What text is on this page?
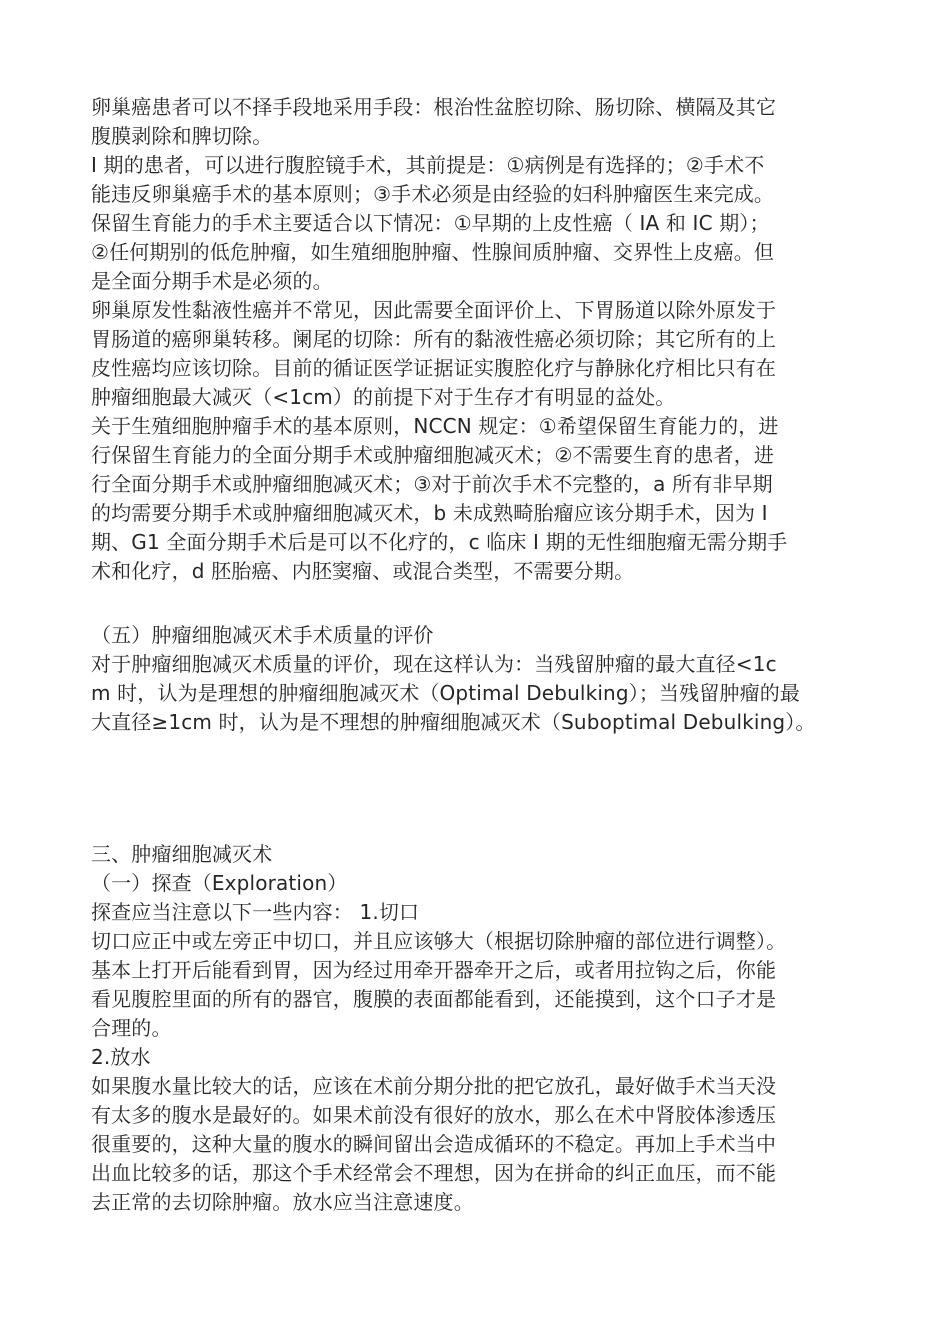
卵巢癌患者可以不择手段地采用手段：根治性盆腔切除、肠切除、横隔及其它

腹膜剥除和脾切除。

I 期的患者，可以进行腹腔镜手术，其前提是：①病例是有选择的；②手术不

能违反卵巢癌手术的基本原则；③手术必须是由经验的妇科肿瘤医生来完成。

保留生育能力的手术主要适合以下情况：①早期的上皮性癌（ IA 和 IC 期）；

②任何期别的低危肿瘤，如生殖细胞肿瘤、性腺间质肿瘤、交界性上皮癌。但

是全面分期手术是必须的。

卵巢原发性黏液性癌并不常见，因此需要全面评价上、下胃肠道以除外原发于

胃肠道的癌卵巢转移。阑尾的切除：所有的黏液性癌必须切除；其它所有的上

皮性癌均应该切除。目前的循证医学证据证实腹腔化疗与静脉化疗相比只有在

肿瘤细胞最大减灭（<1cm）的前提下对于生存才有明显的益处。

关于生殖细胞肿瘤手术的基本原则，NCCN 规定：①希望保留生育能力的，进

行保留生育能力的全面分期手术或肿瘤细胞减灭术；②不需要生育的患者，进

行全面分期手术或肿瘤细胞减灭术；③对于前次手术不完整的，a 所有非早期

的均需要分期手术或肿瘤细胞减灭术，b 未成熟畸胎瘤应该分期手术，因为 I

期、G1 全面分期手术后是可以不化疗的，c 临床 I 期的无性细胞瘤无需分期手

术和化疗，d 胚胎癌、内胚窦瘤、或混合类型，不需要分期。

（五）肿瘤细胞减灭术手术质量的评价

对于肿瘤细胞减灭术质量的评价，现在这样认为：当残留肿瘤的最大直径<1c

m 时，认为是理想的肿瘤细胞减灭术（Optimal Debulking）；当残留肿瘤的最

大直径≥1cm 时，认为是不理想的肿瘤细胞减灭术（Suboptimal Debulking）。

三、肿瘤细胞减灭术

（一）探查（Exploration）

探查应当注意以下一些内容： 1.切口

切口应正中或左旁正中切口，并且应该够大（根据切除肿瘤的部位进行调整）。

基本上打开后能看到胃，因为经过用牵开器牵开之后，或者用拉钩之后，你能

看见腹腔里面的所有的器官，腹膜的表面都能看到，还能摸到，这个口子才是

合理的。

2.放水

如果腹水量比较大的话，应该在术前分期分批的把它放孔，最好做手术当天没

有太多的腹水是最好的。如果术前没有很好的放水，那么在术中肾胶体渗透压

很重要的，这种大量的腹水的瞬间留出会造成循环的不稳定。再加上手术当中

出血比较多的话，那这个手术经常会不理想，因为在拼命的纠正血压，而不能

去正常的去切除肿瘤。放水应当注意速度。
